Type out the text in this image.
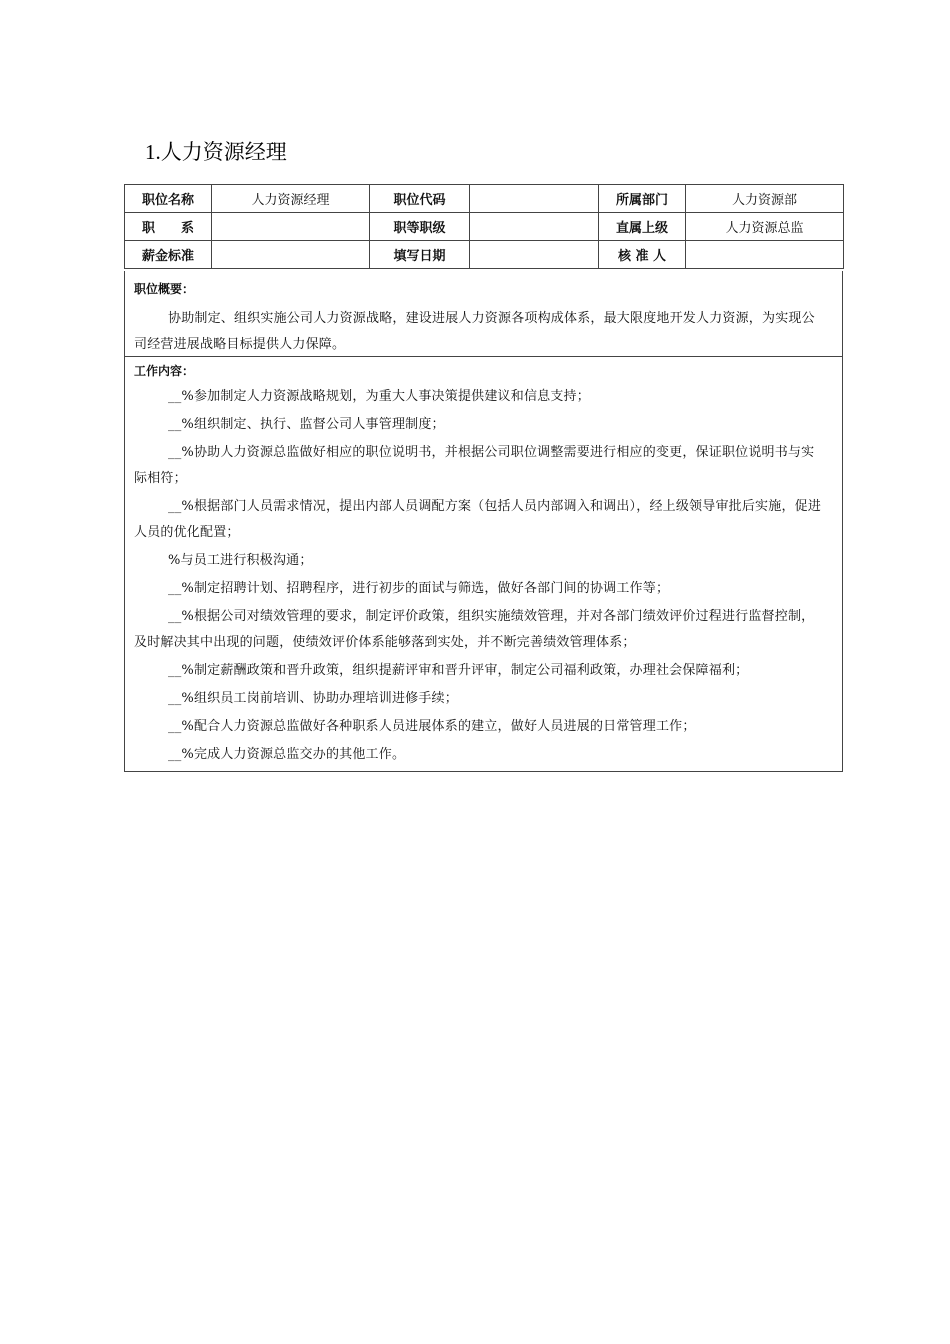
1.人力资源经理
职位名称	人力资源经理	职位代码		所属部门	人力资源部
职　　系		职等职级		直属上级	人力资源总监
薪金标准		填写日期		核 准 人	
职位概要：

协助制定、组织实施公司人力资源战略，建设进展人力资源各项构成体系，最大限度地开发人力资源，为实现公司经营进展战略目标提供人力保障。

工作内容：

__%参加制定人力资源战略规划，为重大人事决策提供建议和信息支持；

__%组织制定、执行、监督公司人事管理制度；

__%协助人力资源总监做好相应的职位说明书，并根据公司职位调整需要进行相应的变更，保证职位说明书与实际相符；

__%根据部门人员需求情况，提出内部人员调配方案（包括人员内部调入和调出），经上级领导审批后实施，促进人员的优化配置；

%与员工进行积极沟通；

__%制定招聘计划、招聘程序，进行初步的面试与筛选，做好各部门间的协调工作等；

__%根据公司对绩效管理的要求，制定评价政策，组织实施绩效管理，并对各部门绩效评价过程进行监督控制，及时解决其中出现的问题，使绩效评价体系能够落到实处，并不断完善绩效管理体系；

__%制定薪酬政策和晋升政策，组织提薪评审和晋升评审，制定公司福利政策，办理社会保障福利；

__%组织员工岗前培训、协助办理培训进修手续；

__%配合人力资源总监做好各种职系人员进展体系的建立，做好人员进展的日常管理工作；

__%完成人力资源总监交办的其他工作。
